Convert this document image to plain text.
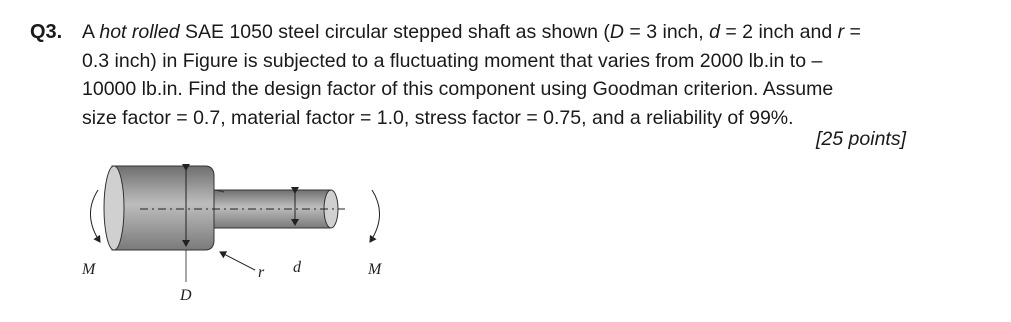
Q3. A hot rolled SAE 1050 steel circular stepped shaft as shown (D = 3 inch, d = 2 inch and r =
0.3 inch) in Figure is subjected to a fluctuating moment that varies from 2000 lb.in to –
10000 lb.in. Find the design factor of this component using Goodman criterion. Assume
size factor = 0.7, material factor = 1.0, stress factor = 0.75, and a reliability of 99%.
[25 points]
M	M
D
d
r
